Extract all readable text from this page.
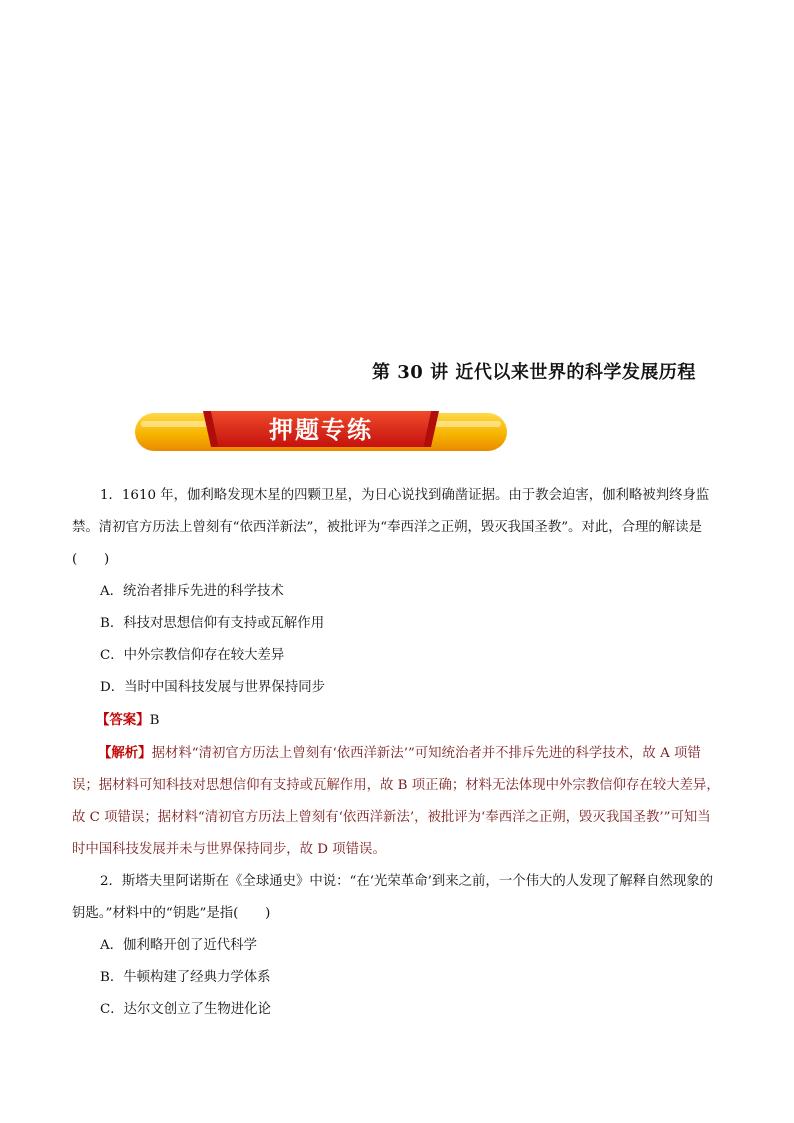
第 30 讲 近代以来世界的科学发展历程
押题专练

1．1610 年，伽利略发现木星的四颗卫星，为日心说找到确凿证据。由于教会迫害，伽利略被判终身监禁。清初官方历法上曾刻有“依西洋新法”，被批评为“奉西洋之正朔，毁灭我国圣教”。对此，合理的解读是(　　)

A．统治者排斥先进的科学技术

B．科技对思想信仰有支持或瓦解作用

C．中外宗教信仰存在较大差异

D．当时中国科技发展与世界保持同步

【答案】B

【解析】据材料“清初官方历法上曾刻有‘依西洋新法’”可知统治者并不排斥先进的科学技术，故 A 项错误；据材料可知科技对思想信仰有支持或瓦解作用，故 B 项正确；材料无法体现中外宗教信仰存在较大差异，故 C 项错误；据材料“清初官方历法上曾刻有‘依西洋新法’，被批评为‘奉西洋之正朔，毁灭我国圣教’”可知当时中国科技发展并未与世界保持同步，故 D 项错误。

2．斯塔夫里阿诺斯在《全球通史》中说：“在‘光荣革命’到来之前，一个伟大的人发现了解释自然现象的钥匙。”材料中的“钥匙”是指(　　)

A．伽利略开创了近代科学

B．牛顿构建了经典力学体系

C．达尔文创立了生物进化论
